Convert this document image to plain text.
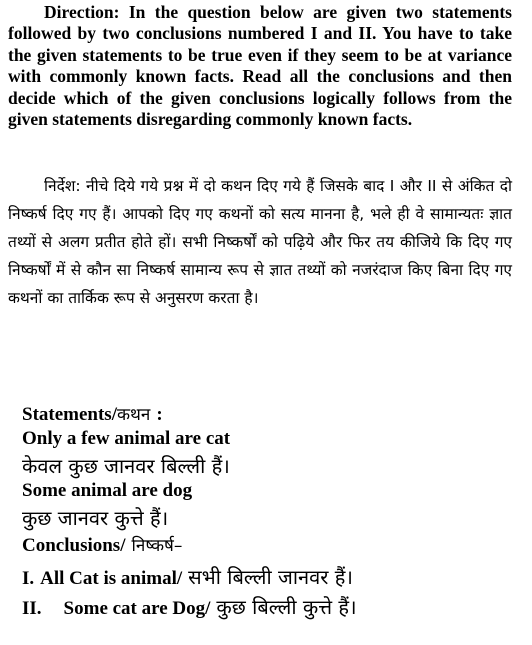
Direction: In the question below are given two statements followed by two conclusions numbered I and II. You have to take the given statements to be true even if they seem to be at variance with commonly known facts. Read all the conclusions and then decide which of the given conclusions logically follows from the given statements disregarding commonly known facts.

निर्देश: नीचे दिये गये प्रश्न में दो कथन दिए गये हैं जिसके बाद I और II से अंकित दो निष्कर्ष दिए गए हैं। आपको दिए गए कथनों को सत्य मानना है, भले ही वे सामान्यतः ज्ञात तथ्यों से अलग प्रतीत होते हों। सभी निष्कर्षों को पढ़िये और फिर तय कीजिये कि दिए गए निष्कर्षों में से कौन सा निष्कर्ष सामान्य रूप से ज्ञात तथ्यों को नजरंदाज किए बिना दिए गए कथनों का तार्किक रूप से अनुसरण करता है।

Statements/कथन :
Only a few animal are cat
केवल कुछ जानवर बिल्ली हैं।
Some animal are dog
कुछ जानवर कुत्ते हैं।
Conclusions/ निष्कर्ष–
I. All Cat is animal/ सभी बिल्ली जानवर हैं।
II. Some cat are Dog/ कुछ बिल्ली कुत्ते हैं।
